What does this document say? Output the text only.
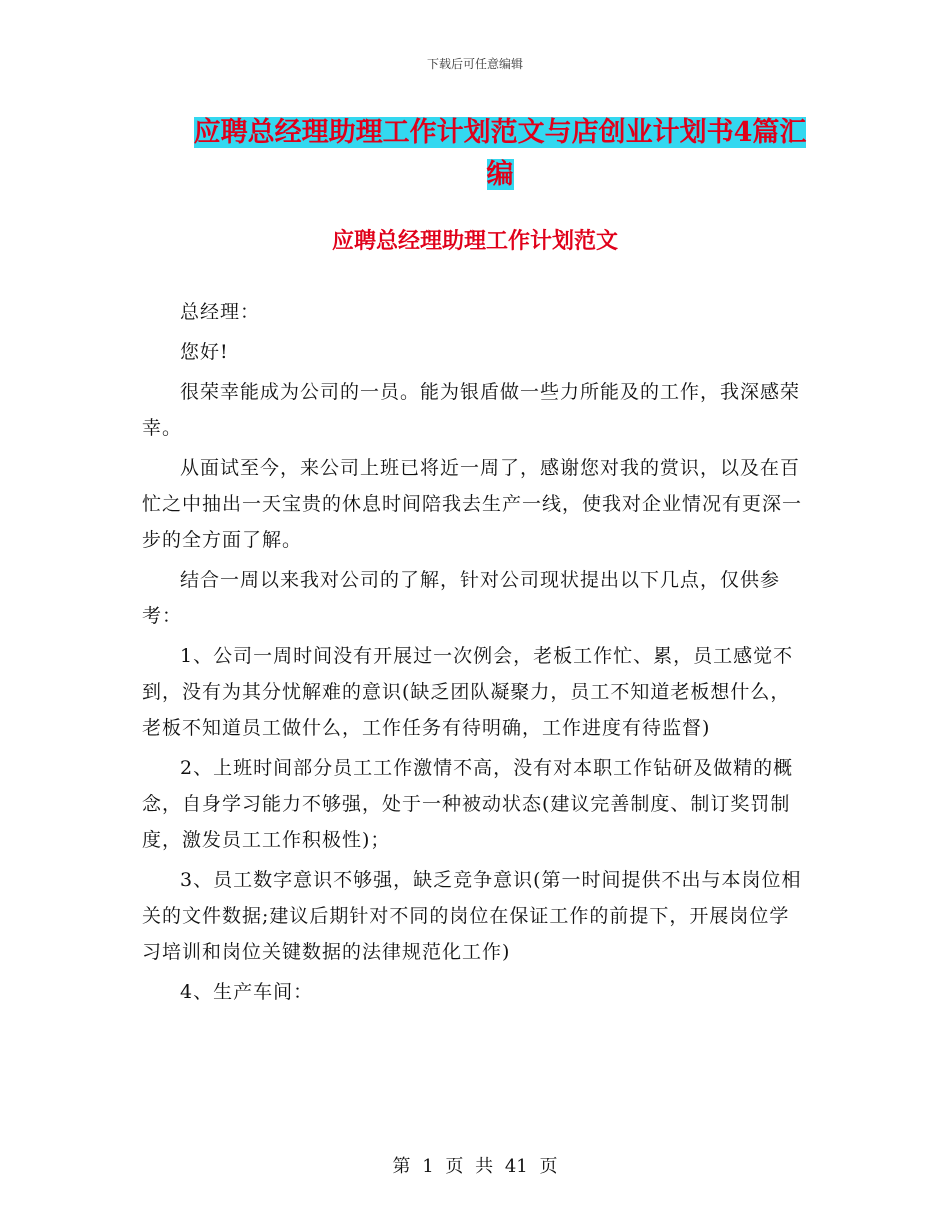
下载后可任意编辑
应聘总经理助理工作计划范文与店创业计划书4篇汇编
应聘总经理助理工作计划范文

总经理：

您好!

很荣幸能成为公司的一员。能为银盾做一些力所能及的工作，我深感荣幸。

从面试至今，来公司上班已将近一周了，感谢您对我的赏识，以及在百忙之中抽出一天宝贵的休息时间陪我去生产一线，使我对企业情况有更深一步的全方面了解。

结合一周以来我对公司的了解，针对公司现状提出以下几点，仅供参考：

1、公司一周时间没有开展过一次例会，老板工作忙、累，员工感觉不到，没有为其分忧解难的意识(缺乏团队凝聚力，员工不知道老板想什么，老板不知道员工做什么，工作任务有待明确，工作进度有待监督)

2、上班时间部分员工工作激情不高，没有对本职工作钻研及做精的概念，自身学习能力不够强，处于一种被动状态(建议完善制度、制订奖罚制度，激发员工工作积极性)；

3、员工数字意识不够强，缺乏竞争意识(第一时间提供不出与本岗位相关的文件数据;建议后期针对不同的岗位在保证工作的前提下，开展岗位学习培训和岗位关键数据的法律规范化工作)

4、生产车间：

第 1 页 共 41 页
